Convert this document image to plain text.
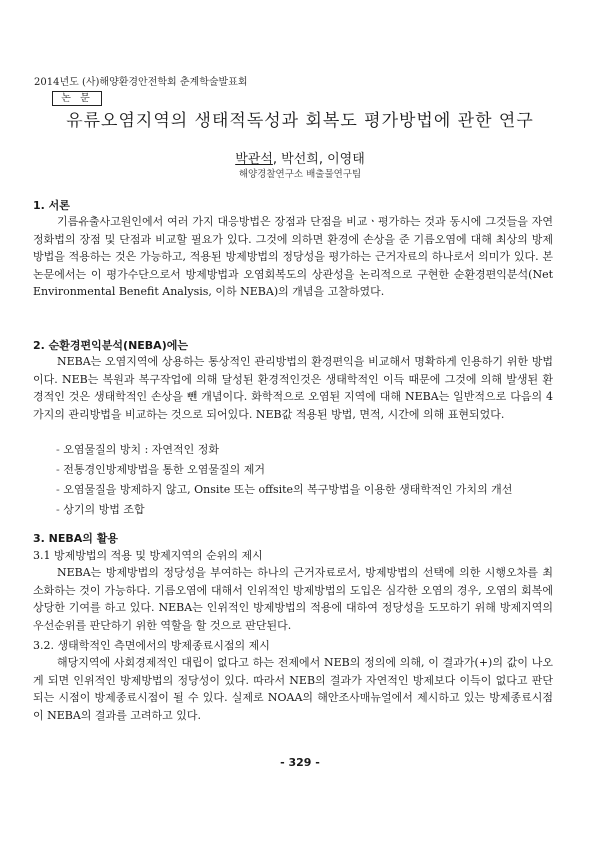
2014년도 (사)해양환경안전학회 춘계학술발표회
논 문
유류오염지역의 생태적독성과 회복도 평가방법에 관한 연구
박관석, 박선희, 이영태
해양경찰연구소 배출물연구팀
1. 서론

기름유출사고원인에서 여러 가지 대응방법은 장점과 단점을 비교ㆍ평가하는 것과 동시에 그것들을 자연정화법의 장점 및 단점과 비교할 필요가 있다. 그것에 의하면 환경에 손상을 준 기름오염에 대해 최상의 방제방법을 적용하는 것은 가능하고, 적용된 방제방법의 정당성을 평가하는 근거자료의 하나로서 의미가 있다. 본 논문에서는 이 평가수단으로서 방제방법과 오염회복도의 상관성을 논리적으로 구현한 순환경편익분석(Net Environmental Benefit Analysis, 이하 NEBA)의 개념을 고찰하였다.

2. 순환경편익분석(NEBA)에는

NEBA는 오염지역에 상용하는 통상적인 관리방법의 환경편익을 비교해서 명확하게 인용하기 위한 방법이다. NEB는 복원과 복구작업에 의해 달성된 환경적인것은 생태학적인 이득 때문에 그것에 의해 발생된 환경적인 것은 생태학적인 손상을 뺀 개념이다. 화학적으로 오염된 지역에 대해 NEBA는 일반적으로 다음의 4가지의 관리방법을 비교하는 것으로 되어있다. NEB값 적용된 방법, 면적, 시간에 의해 표현되었다.

- 오염물질의 방치 : 자연적인 정화
- 전통경인방제방법을 통한 오염물질의 제거
- 오염물질을 방제하지 않고, Onsite 또는 offsite의 복구방법을 이용한 생태학적인 가치의 개선
- 상기의 방법 조합
3. NEBA의 활용
3.1 방제방법의 적용 및 방제지역의 순위의 제시

NEBA는 방제방법의 정당성을 부여하는 하나의 근거자료로서, 방제방법의 선택에 의한 시행오차를 최소화하는 것이 가능하다. 기름오염에 대해서 인위적인 방제방법의 도입은 심각한 오염의 경우, 오염의 회복에 상당한 기여를 하고 있다. NEBA는 인위적인 방제방법의 적용에 대하여 정당성을 도모하기 위해 방제지역의 우선순위를 판단하기 위한 역할을 할 것으로 판단된다.

3.2. 생태학적인 측면에서의 방제종료시점의 제시

해당지역에 사회경제적인 대립이 없다고 하는 전제에서 NEB의 정의에 의해, 이 결과가(+)의 값이 나오게 되면 인위적인 방제방법의 정당성이 있다. 따라서 NEB의 결과가 자연적인 방제보다 이득이 없다고 판단되는 시점이 방제종료시점이 될 수 있다. 실제로 NOAA의 해안조사매뉴얼에서 제시하고 있는 방제종료시점이 NEBA의 결과를 고려하고 있다.

- 329 -
